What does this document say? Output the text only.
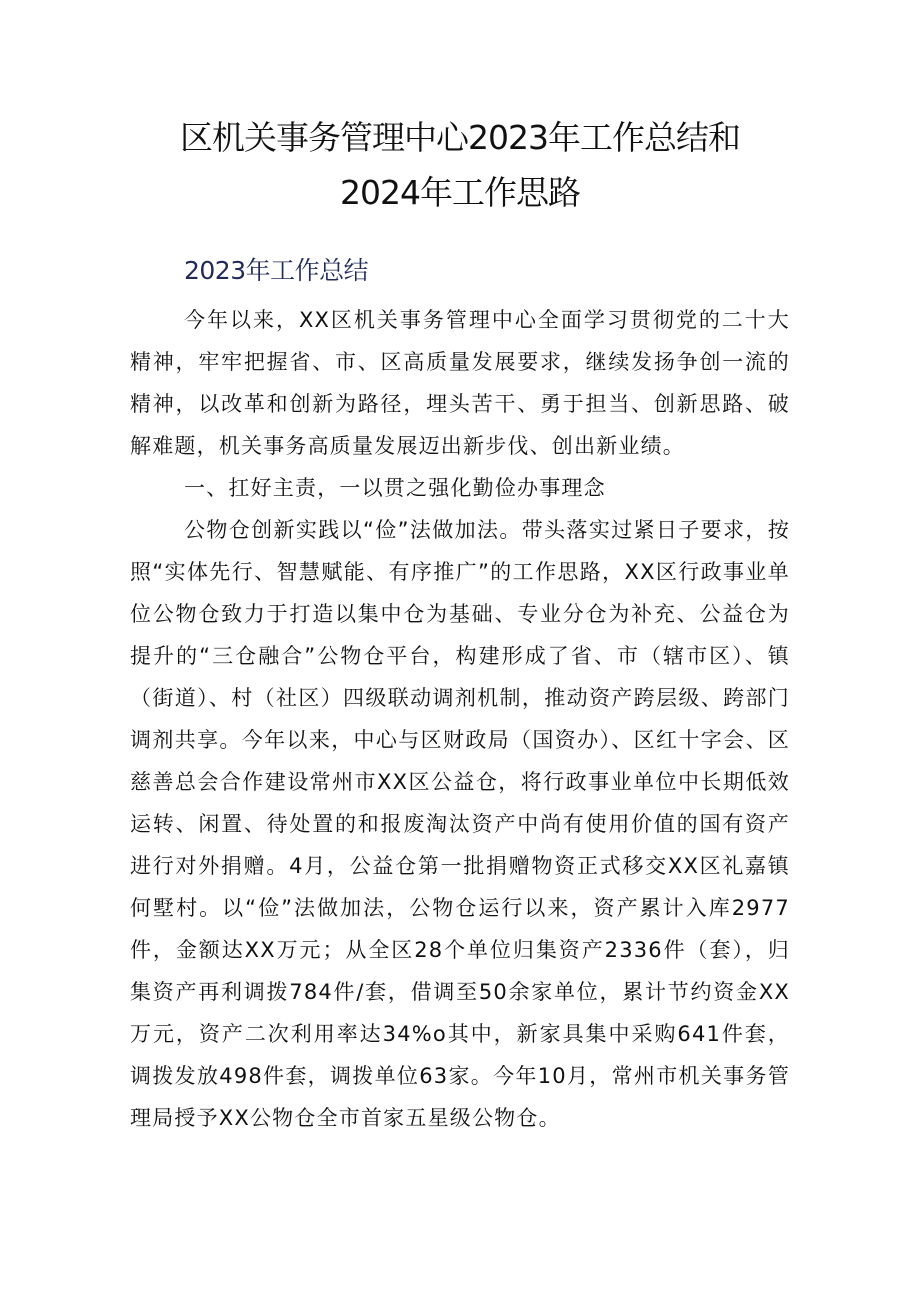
区机关事务管理中心2023年工作总结和
2024年工作思路
2023年工作总结

今年以来，XX区机关事务管理中心全面学习贯彻党的二十大精神，牢牢把握省、市、区高质量发展要求，继续发扬争创一流的精神，以改革和创新为路径，埋头苦干、勇于担当、创新思路、破解难题，机关事务高质量发展迈出新步伐、创出新业绩。

一、扛好主责，一以贯之强化勤俭办事理念

公物仓创新实践以“俭”法做加法。带头落实过紧日子要求，按照“实体先行、智慧赋能、有序推广”的工作思路，XX区行政事业单位公物仓致力于打造以集中仓为基础、专业分仓为补充、公益仓为提升的“三仓融合”公物仓平台，构建形成了省、市（辖市区）、镇（街道）、村（社区）四级联动调剂机制，推动资产跨层级、跨部门调剂共享。今年以来，中心与区财政局（国资办）、区红十字会、区慈善总会合作建设常州市XX区公益仓，将行政事业单位中长期低效运转、闲置、待处置的和报废淘汰资产中尚有使用价值的国有资产进行对外捐赠。4月，公益仓第一批捐赠物资正式移交XX区礼嘉镇何墅村。以“俭”法做加法，公物仓运行以来，资产累计入库2977件，金额达XX万元；从全区28个单位归集资产2336件（套），归集资产再利调拨784件/套，借调至50余家单位，累计节约资金XX万元，资产二次利用率达34%o其中，新家具集中采购641件套，调拨发放498件套，调拨单位63家。今年10月，常州市机关事务管理局授予XX公物仓全市首家五星级公物仓。
